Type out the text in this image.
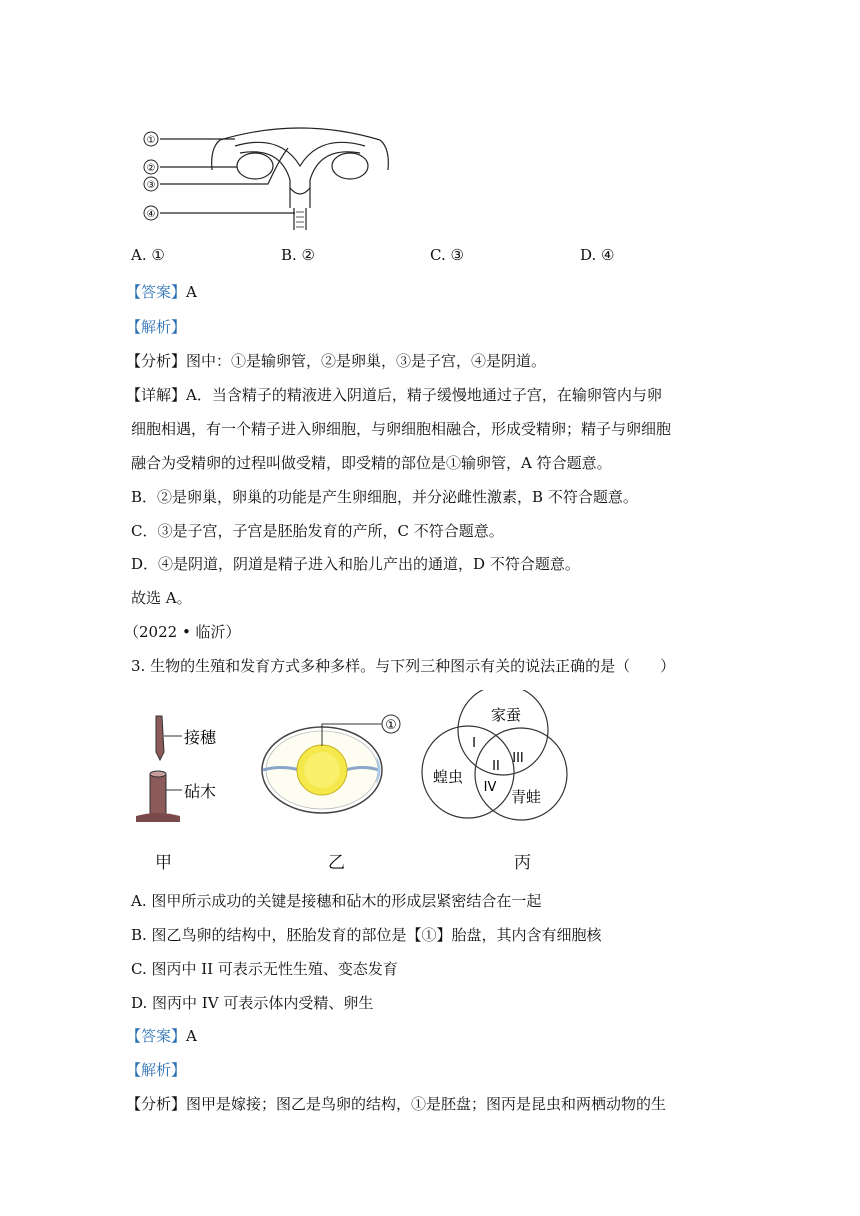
①
②
③
④
A. ①	B. ②	C. ③	D. ④
【答案】A
【解析】
【分析】图中：①是输卵管，②是卵巢，③是子宫，④是阴道。
【详解】A．当含精子的精液进入阴道后，精子缓慢地通过子宫，在输卵管内与卵
细胞相遇，有一个精子进入卵细胞，与卵细胞相融合，形成受精卵；精子与卵细胞
融合为受精卵的过程叫做受精，即受精的部位是①输卵管，A 符合题意。
B．②是卵巢，卵巢的功能是产生卵细胞，并分泌雌性激素，B 不符合题意。
C．③是子宫，子宫是胚胎发育的产所，C 不符合题意。
D．④是阴道，阴道是精子进入和胎儿产出的通道，D 不符合题意。
故选 A。
（2022 • 临沂）
3. 生物的生殖和发育方式多种多样。与下列三种图示有关的说法正确的是（　　）
接穗
砧木
①
家蚕
蝗虫
青蛙
I
II
III
IV
甲	乙	丙
A. 图甲所示成功的关键是接穗和砧木的形成层紧密结合在一起
B. 图乙鸟卵的结构中，胚胎发育的部位是【①】胎盘，其内含有细胞核
C. 图丙中 II 可表示无性生殖、变态发育
D. 图丙中 IV 可表示体内受精、卵生
【答案】A
【解析】
【分析】图甲是嫁接；图乙是鸟卵的结构，①是胚盘；图丙是昆虫和两栖动物的生
